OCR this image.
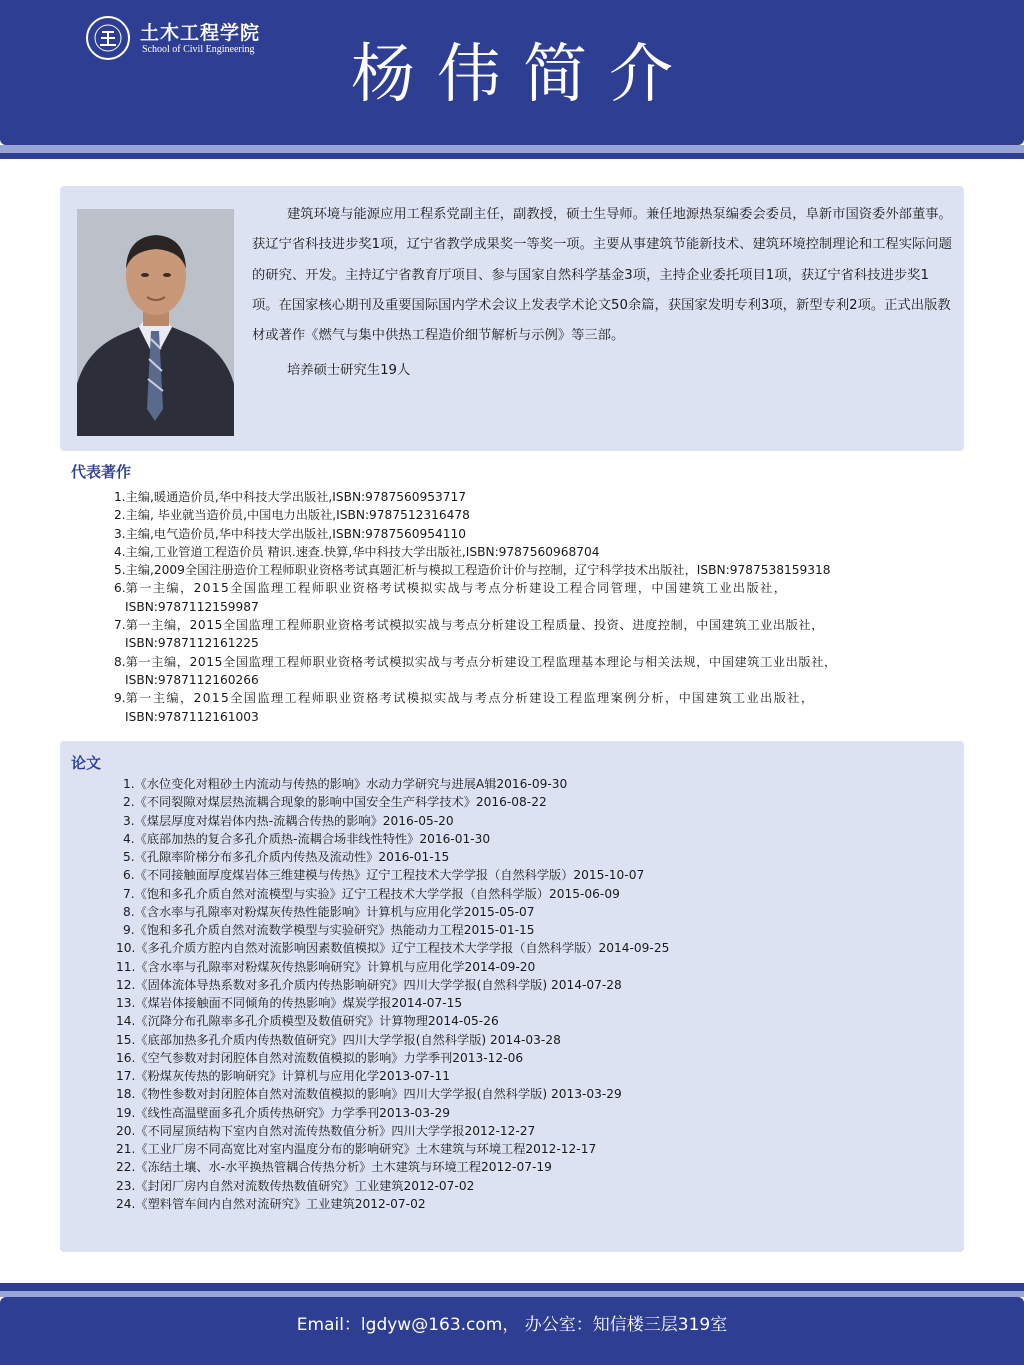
土木工程学院
School of Civil Engineering	杨伟简介

建筑环境与能源应用工程系党副主任，副教授，硕士生导师。兼任地源热泵编委会委员，阜新市国资委外部董事。获辽宁省科技进步奖1项，辽宁省教学成果奖一等奖一项。主要从事建筑节能新技术、建筑环境控制理论和工程实际问题的研究、开发。主持辽宁省教育厅项目、参与国家自然科学基金3项，主持企业委托项目1项，获辽宁省科技进步奖1项。在国家核心期刊及重要国际国内学术会议上发表学术论文50余篇，获国家发明专利3项，新型专利2项。正式出版教材或著作《燃气与集中供热工程造价细节解析与示例》等三部。

培养硕士研究生19人

代表著作
1. 主编,暖通造价员,华中科技大学出版社,ISBN:9787560953717
2. 主编, 毕业就当造价员,中国电力出版社,ISBN:9787512316478
3. 主编,电气造价员,华中科技大学出版社,ISBN:9787560954110
4. 主编,工业管道工程造价员 精识.速查.快算,华中科技大学出版社,ISBN:9787560968704
5. 主编,2009全国注册造价工程师职业资格考试真题汇析与模拟工程造价计价与控制，辽宁科学技术出版社，ISBN:9787538159318
6. 第一主编，2015全国监理工程师职业资格考试模拟实战与考点分析建设工程合同管理，中国建筑工业出版社，
ISBN:9787112159987
7. 第一主编，2015全国监理工程师职业资格考试模拟实战与考点分析建设工程质量、投资、进度控制，中国建筑工业出版社，
ISBN:9787112161225
8. 第一主编，2015全国监理工程师职业资格考试模拟实战与考点分析建设工程监理基本理论与相关法规，中国建筑工业出版社，
ISBN:9787112160266
9. 第一主编，2015全国监理工程师职业资格考试模拟实战与考点分析建设工程监理案例分析，中国建筑工业出版社，
ISBN:9787112161003
论文
1.《水位变化对粗砂土内流动与传热的影响》水动力学研究与进展A辑2016-09-30
2.《不同裂隙对煤层热流耦合现象的影响中国安全生产科学技术》2016-08-22
3.《煤层厚度对煤岩体内热-流耦合传热的影响》2016-05-20
4.《底部加热的复合多孔介质热-流耦合场非线性特性》2016-01-30
5.《孔隙率阶梯分布多孔介质内传热及流动性》2016-01-15
6.《不同接触面厚度煤岩体三维建模与传热》辽宁工程技术大学学报（自然科学版）2015-10-07
7.《饱和多孔介质自然对流模型与实验》辽宁工程技术大学学报（自然科学版）2015-06-09
8.《含水率与孔隙率对粉煤灰传热性能影响》计算机与应用化学2015-05-07
9.《饱和多孔介质自然对流数学模型与实验研究》热能动力工程2015-01-15
10.《多孔介质方腔内自然对流影响因素数值模拟》辽宁工程技术大学学报（自然科学版）2014-09-25
11.《含水率与孔隙率对粉煤灰传热影响研究》计算机与应用化学2014-09-20
12.《固体流体导热系数对多孔介质内传热影响研究》四川大学学报(自然科学版) 2014-07-28
13.《煤岩体接触面不同倾角的传热影响》煤炭学报2014-07-15
14.《沉降分布孔隙率多孔介质模型及数值研究》计算物理2014-05-26
15.《底部加热多孔介质内传热数值研究》四川大学学报(自然科学版) 2014-03-28
16.《空气参数对封闭腔体自然对流数值模拟的影响》力学季刊2013-12-06
17.《粉煤灰传热的影响研究》计算机与应用化学2013-07-11
18.《物性参数对封闭腔体自然对流数值模拟的影响》四川大学学报(自然科学版) 2013-03-29
19.《线性高温壁面多孔介质传热研究》力学季刊2013-03-29
20.《不同屋顶结构下室内自然对流传热数值分析》四川大学学报2012-12-27
21.《工业厂房不同高宽比对室内温度分布的影响研究》土木建筑与环境工程2012-12-17
22.《冻结土壤、水-水平换热管耦合传热分析》土木建筑与环境工程2012-07-19
23.《封闭厂房内自然对流数传热数值研究》工业建筑2012-07-02
24.《塑料管车间内自然对流研究》工业建筑2012-07-02
Email：lgdyw@163.com， 办公室：知信楼三层319室
